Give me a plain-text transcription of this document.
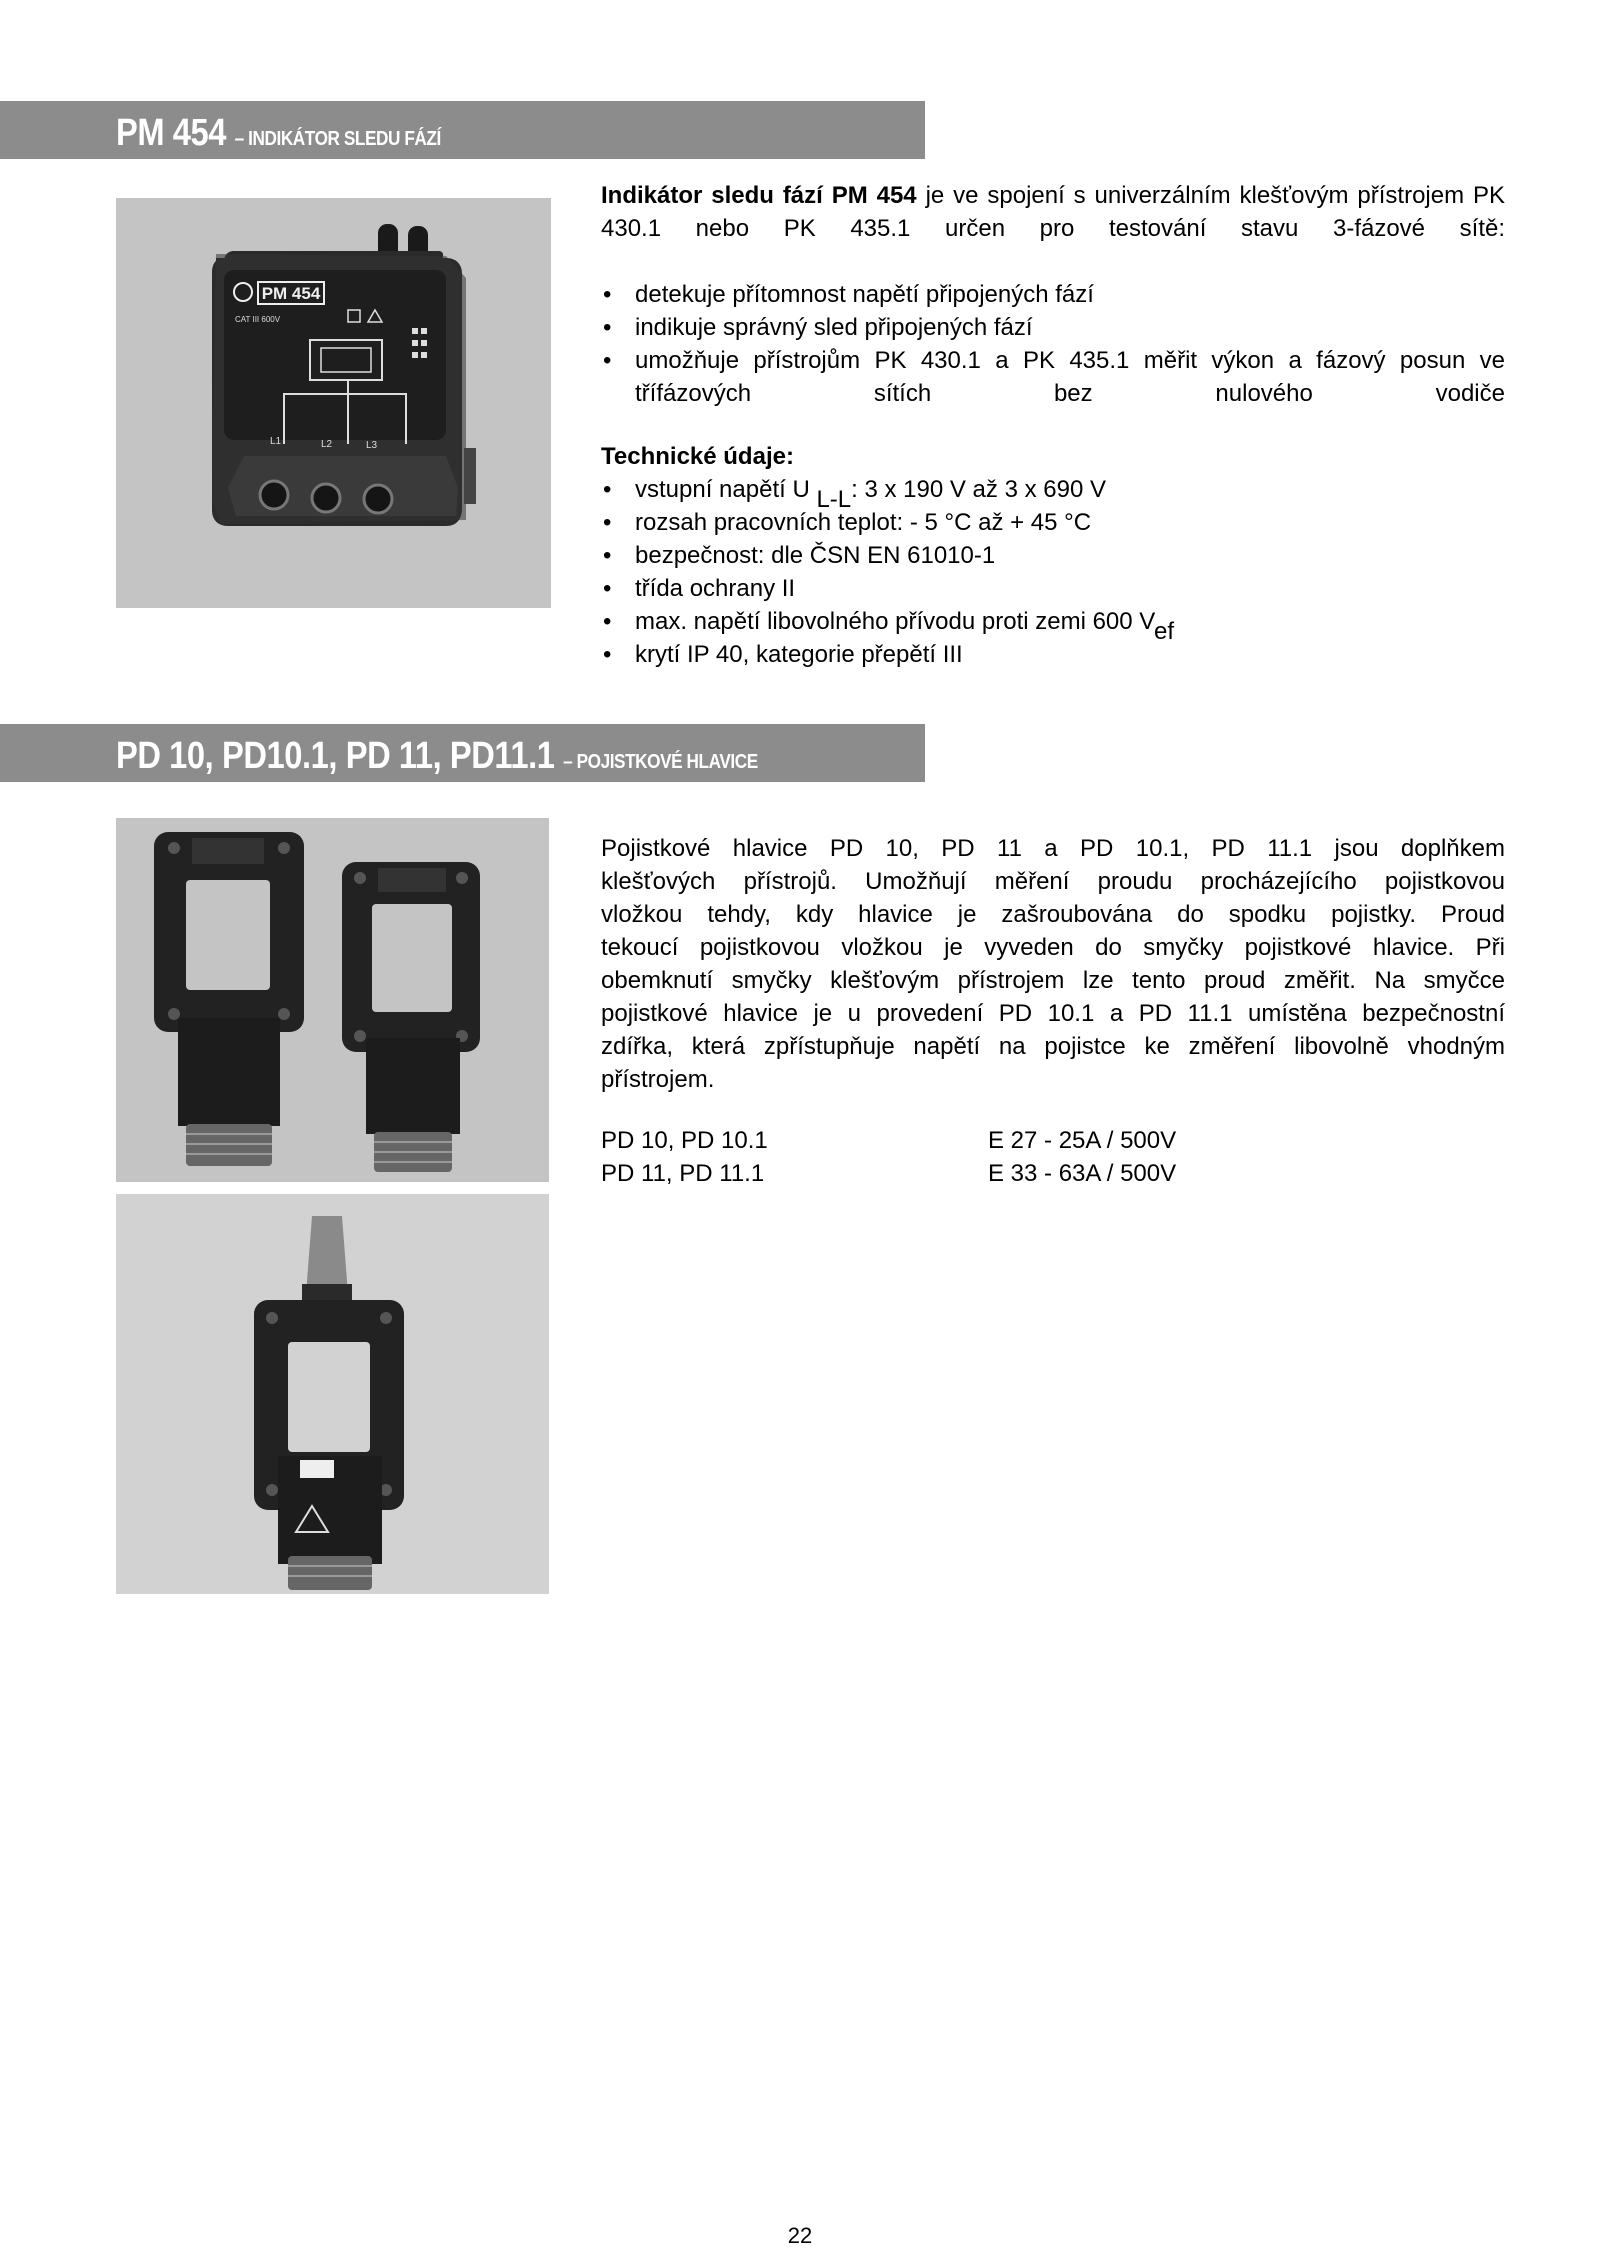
PM 454 – INDIKÁTOR SLEDU FÁZÍ
PM 454
CAT III 600V
L1	L2	L3
Indikátor sledu fází PM 454 je ve spojení s univerzálním klešťovým přístrojem PK 430.1 nebo PK 435.1 určen pro testování stavu 3-fázové sítě:
• detekuje přítomnost napětí připojených fází
• indikuje správný sled připojených fází
• umožňuje přístrojům PK 430.1 a PK 435.1 měřit výkon a fázový posun ve třífázových sítích bez nulového vodiče
Technické údaje:
• vstupní napětí U L-L: 3 x 190 V až 3 x 690 V
• rozsah pracovních teplot: - 5 °C až + 45 °C
• bezpečnost: dle ČSN EN 61010-1
• třída ochrany II
• max. napětí libovolného přívodu proti zemi 600 Vef
• krytí IP 40, kategorie přepětí III
PD 10, PD10.1, PD 11, PD11.1 – POJISTKOVÉ HLAVICE
Pojistkové hlavice PD 10, PD 11 a PD 10.1, PD 11.1 jsou doplňkem
klešťových přístrojů. Umožňují měření proudu procházejícího pojistkovou
vložkou tehdy, kdy hlavice je zašroubována do spodku pojistky. Proud
tekoucí pojistkovou vložkou je vyveden do smyčky pojistkové hlavice. Při
obemknutí smyčky klešťovým přístrojem lze tento proud změřit. Na smyčce
pojistkové hlavice je u provedení PD 10.1 a PD 11.1 umístěna bezpečnostní
zdířka, která zpřístupňuje napětí na pojistce ke změření libovolně vhodným
přístrojem.
PD 10, PD 10.1	E 27 - 25A / 500V
PD 11, PD 11.1	E 33 - 63A / 500V
22
